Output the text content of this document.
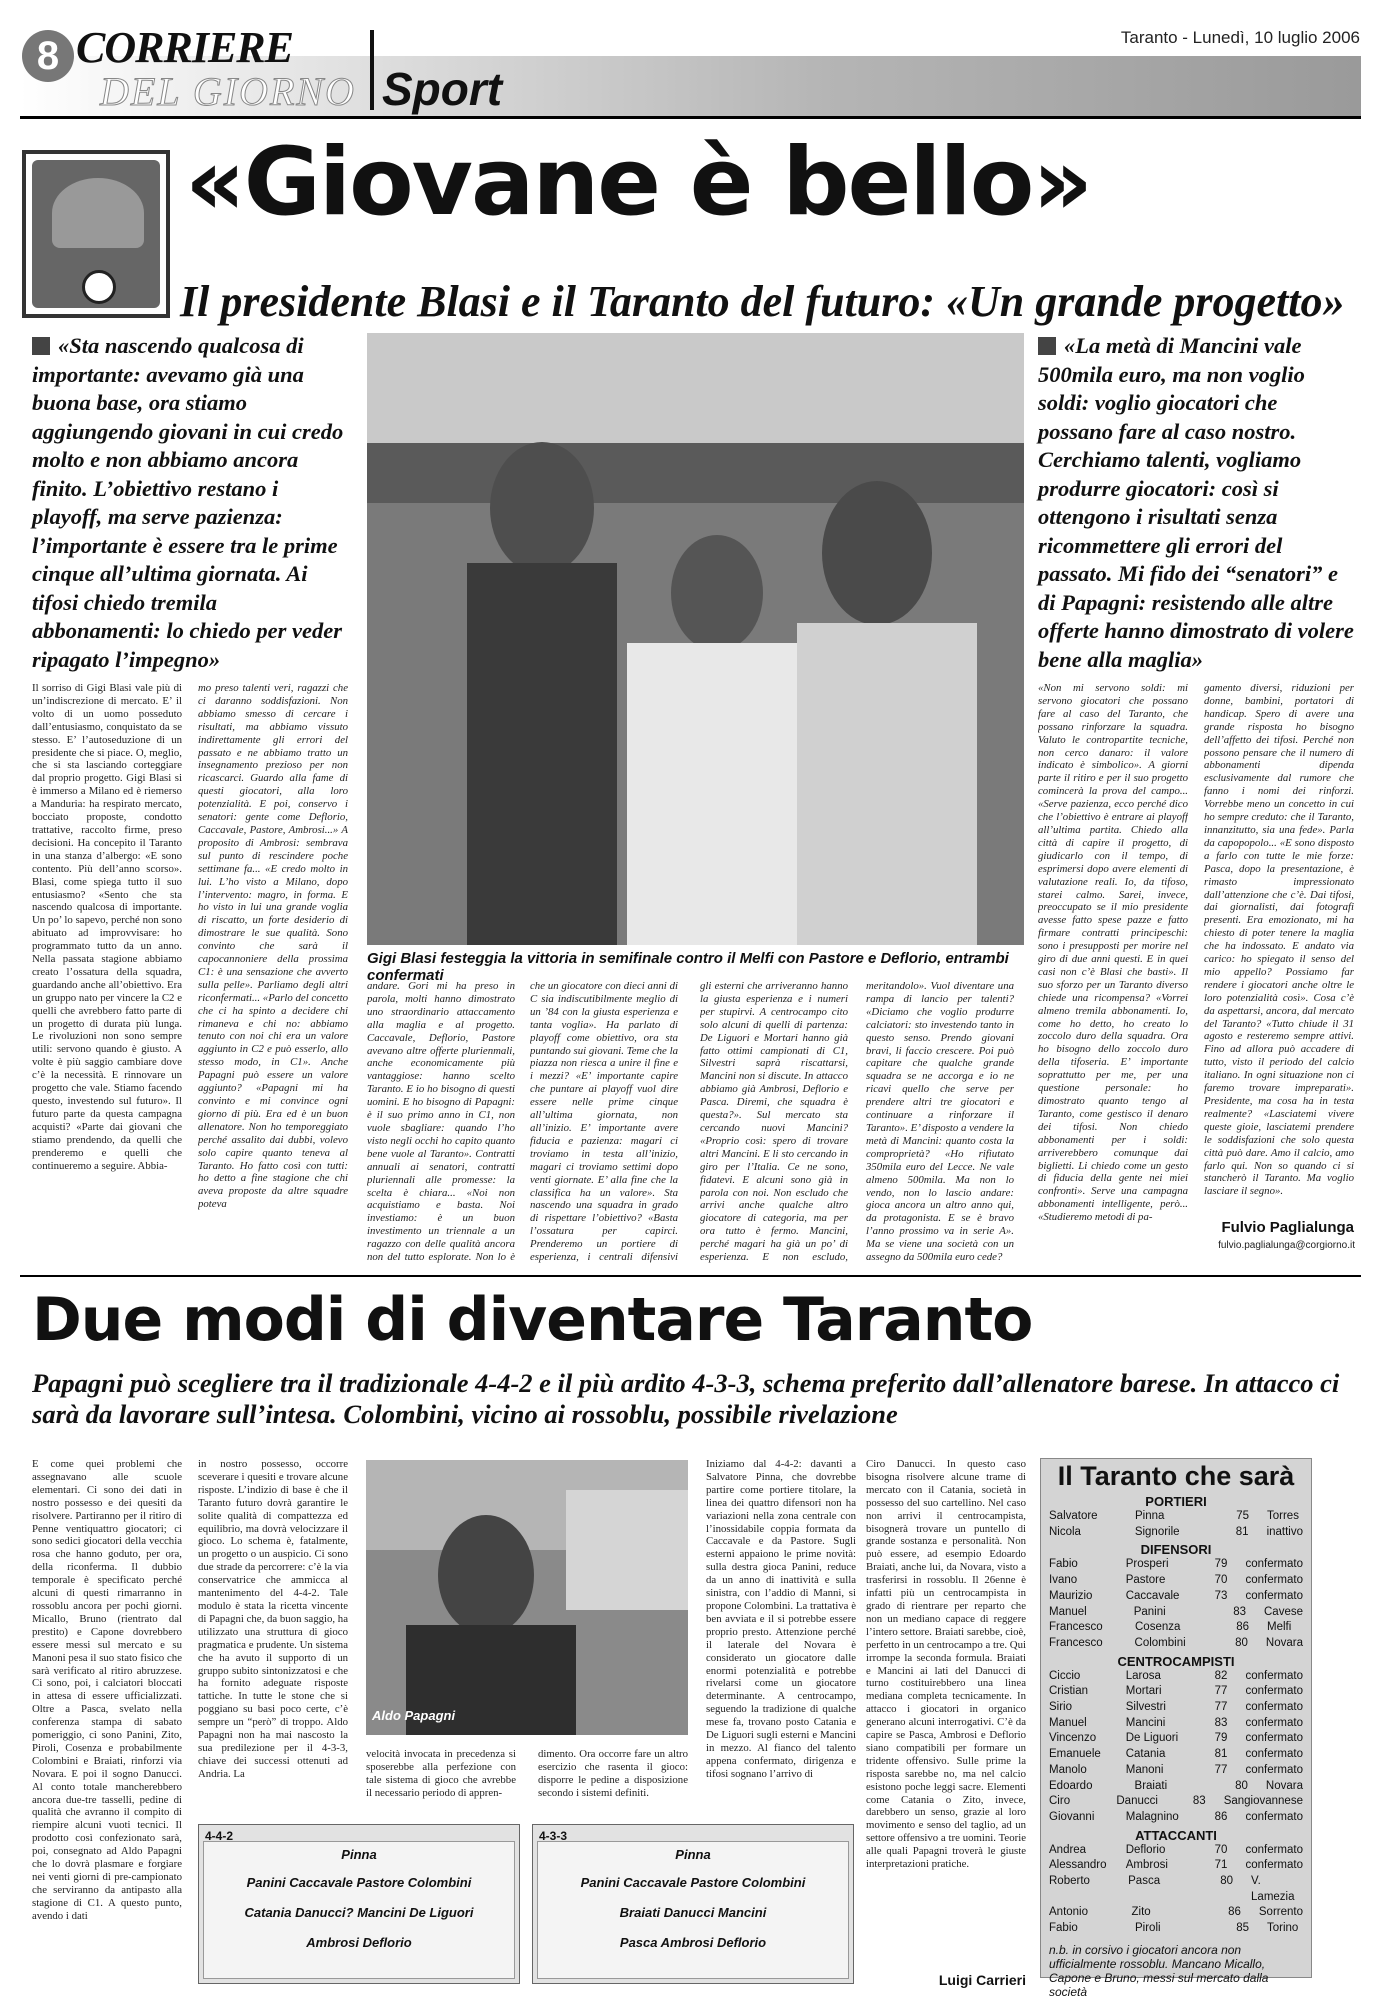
8 CORRIERE
DEL GIORNO Sport
Taranto - Lunedì, 10 luglio 2006
«Giovane è bello»
Il presidente Blasi e il Taranto del futuro: «Un grande progetto»
«Sta nascendo qualcosa di importante: avevamo già una buona base, ora stiamo aggiungendo giovani in cui credo molto e non abbiamo ancora finito. L’obiettivo restano i playoff, ma serve pazienza: l’importante è essere tra le prime cinque all’ultima giornata. Ai tifosi chiedo tremila abbonamenti: lo chiedo per veder ripagato l’impegno»
«La metà di Mancini vale 500mila euro, ma non voglio soldi: voglio giocatori che possano fare al caso nostro. Cerchiamo talenti, vogliamo produrre giocatori: così si ottengono i risultati senza ricommettere gli errori del passato. Mi fido dei “senatori” e di Papagni: resistendo alle altre offerte hanno dimostrato di volere bene alla maglia»
Gigi Blasi festeggia la vittoria in semifinale contro il Melfi con Pastore e Deflorio, entrambi confermati
Il sorriso di Gigi Blasi vale più di un’indiscrezione di mercato. E’ il volto di un uomo posseduto dall’entusiasmo, conquistato da se stesso. E’ l’autoseduzione di un presidente che si piace. O, meglio, che si sta lasciando corteggiare dal proprio progetto. Gigi Blasi si è immerso a Milano ed è riemerso a Manduria: ha respirato mercato, bocciato proposte, condotto trattative, raccolto firme, preso decisioni. Ha concepito il Taranto in una stanza d’albergo: «E sono contento. Più dell’anno scorso». Blasi, come spiega tutto il suo entusiasmo? «Sento che sta nascendo qualcosa di importante. Un po’ lo sapevo, perché non sono abituato ad improvvisare: ho programmato tutto da un anno. Nella passata stagione abbiamo creato l’ossatura della squadra, guardando anche all’obiettivo. Era un gruppo nato per vincere la C2 e quelli che avrebbero fatto parte di un progetto di durata più lunga. Le rivoluzioni non sono sempre utili: servono quando è giusto. A volte è più saggio cambiare dove c’è la necessità. E rinnovare un progetto che vale. Stiamo facendo questo, investendo sul futuro». Il futuro parte da questa campagna acquisti? «Parte dai giovani che stiamo prendendo, da quelli che prenderemo e quelli che continueremo a seguire. Abbia-
mo preso talenti veri, ragazzi che ci daranno soddisfazioni. Non abbiamo smesso di cercare i risultati, ma abbiamo vissuto indirettamente gli errori del passato e ne abbiamo tratto un insegnamento prezioso per non ricascarci. Guardo alla fame di questi giocatori, alla loro potenzialità. E poi, conservo i senatori: gente come Deflorio, Caccavale, Pastore, Ambrosi...» A proposito di Ambrosi: sembrava sul punto di rescindere poche settimane fa... «E credo molto in lui. L’ho visto a Milano, dopo l’intervento: magro, in forma. E ho visto in lui una grande voglia di riscatto, un forte desiderio di dimostrare le sue qualità. Sono convinto che sarà il capocannoniere della prossima C1: è una sensazione che avverto sulla pelle». Parliamo degli altri riconfermati... «Parlo del concetto che ci ha spinto a decidere chi rimaneva e chi no: abbiamo tenuto con noi chi era un valore aggiunto in C2 e può esserlo, allo stesso modo, in C1». Anche Papagni può essere un valore aggiunto? «Papagni mi ha convinto e mi convince ogni giorno di più. Era ed è un buon allenatore. Non ho temporeggiato perché assalito dai dubbi, volevo solo capire quanto teneva al Taranto. Ho fatto così con tutti: ho detto a fine stagione che chi aveva proposte da altre squadre poteva
andare. Gori mi ha preso in parola, molti hanno dimostrato uno straordinario attaccamento alla maglia e al progetto. Caccavale, Deflorio, Pastore avevano altre offerte plurienmali, anche economicamente più vantaggiose: hanno scelto Taranto. E io ho bisogno di questi uomini. E ho bisogno di Papagni: è il suo primo anno in C1, non vuole sbagliare: quando l’ho visto negli occhi ho capito quanto bene vuole al Taranto». Contratti annuali ai senatori, contratti pluriennali alle promesse: la scelta è chiara... «Noi non acquistiamo e basta. Noi investiamo: è un buon investimento un triennale a un ragazzo con delle qualità ancora non del tutto esplorate. Non lo è
che un giocatore con dieci anni di C sia indiscutibilmente meglio di un ’84 con la giusta esperienza e tanta voglia». Ha parlato di playoff come obiettivo, ora sta puntando sui giovani. Teme che la piazza non riesca a unire il fine e i mezzi? «E’ importante capire che puntare ai playoff vuol dire essere nelle prime cinque all’ultima giornata, non all’inizio. E’ importante avere fiducia e pazienza: magari ci troviamo in testa all’inizio, magari ci troviamo settimi dopo venti giornate. E’ alla fine che la classifica ha un valore». Sta nascendo una squadra in grado di rispettare l’obiettivo? «Basta l’ossatura per capirci. Prenderemo un portiere di esperienza, i centrali difensivi
gli esterni che arriveranno hanno la giusta esperienza e i numeri per stupirvi. A centrocampo cito solo alcuni di quelli di partenza: De Liguori e Mortari hanno già fatto ottimi campionati di C1, Silvestri saprà riscattarsi, Mancini non si discute. In attacco abbiamo già Ambrosi, Deflorio e Pasca. Diremi, che squadra è questa?». Sul mercato sta cercando nuovi Mancini? «Proprio così: spero di trovare altri Mancini. E li sto cercando in giro per l’Italia. Ce ne sono, fidatevi. E alcuni sono già in parola con noi. Non escludo che arrivi anche qualche altro giocatore di categoria, ma per ora tutto è fermo. Mancini, perché magari ha già un po’ di esperienza. E non escludo,
meritandolo». Vuol diventare una rampa di lancio per talenti? «Diciamo che voglio produrre calciatori: sto investendo tanto in questo senso. Prendo giovani bravi, li faccio crescere. Poi può capitare che qualche grande squadra se ne accorga e io ne ricavi quello che serve per prendere altri tre giocatori e continuare a rinforzare il Taranto». E’ disposto a vendere la metà di Mancini: quanto costa la comproprietà? «Ho rifiutato 350mila euro del Lecce. Ne vale almeno 500mila. Ma non lo vendo, non lo lascio andare: gioca ancora un altro anno qui, da protagonista. E se è bravo l’anno prossimo va in serie A». Ma se viene una società con un assegno da 500mila euro cede?
«Non mi servono soldi: mi servono giocatori che possano fare al caso del Taranto, che possano rinforzare la squadra. Valuto le contropartite tecniche, non cerco danaro: il valore indicato è simbolico». A giorni parte il ritiro e per il suo progetto comincerà la prova del campo... «Serve pazienza, ecco perché dico che l’obiettivo è entrare ai playoff all’ultima partita. Chiedo alla città di capire il progetto, di giudicarlo con il tempo, di esprimersi dopo avere elementi di valutazione reali. Io, da tifoso, starei calmo. Sarei, invece, preoccupato se il mio presidente avesse fatto spese pazze e fatto firmare contratti principeschi: sono i presupposti per morire nel giro di due anni questi. E in quei casi non c’è Blasi che basti». Il suo sforzo per un Taranto diverso chiede una ricompensa? «Vorrei almeno tremila abbonamenti. Io, come ho detto, ho creato lo zoccolo duro della squadra. Ora ho bisogno dello zoccolo duro della tifoseria. E’ importante soprattutto per me, per una questione personale: ho dimostrato quanto tengo al Taranto, come gestisco il denaro dei tifosi. Non chiedo abbonamenti per i soldi: arriverebbero comunque dai biglietti. Li chiedo come un gesto di fiducia della gente nei miei confronti». Serve una campagna abbonamenti intelligente, però... «Studieremo metodi di pa-
gamento diversi, riduzioni per donne, bambini, portatori di handicap. Spero di avere una grande risposta ho bisogno dell’affetto dei tifosi. Perché non possono pensare che il numero di abbonamenti dipenda esclusivamente dal rumore che fanno i nomi dei rinforzi. Vorrebbe meno un concetto in cui ho sempre creduto: che il Taranto, innanzitutto, sia una fede». Parla da capopopolo... «E sono disposto a farlo con tutte le mie forze: Pasca, dopo la presentazione, è rimasto impressionato dall’attenzione che c’è. Dai tifosi, dai giornalisti, dai fotografi presenti. Era emozionato, mi ha chiesto di poter tenere la maglia che ha indossato. E andato via carico: ho spiegato il senso del mio appello? Possiamo far rendere i giocatori anche oltre le loro potenzialità così». Cosa c’è da aspettarsi, ancora, dal mercato del Taranto? «Tutto chiude il 31 agosto e resteremo sempre attivi. Fino ad allora può accadere di tutto, visto il periodo del calcio italiano. In ogni situazione non ci faremo trovare impreparati». Presidente, ma cosa ha in testa realmente? «Lasciatemi vivere queste gioie, lasciatemi prendere le soddisfazioni che solo questa città può dare. Amo il calcio, amo farlo qui. Non so quando ci si stancherò il Taranto. Ma voglio lasciare il segno».
Fulvio Paglialunga
fulvio.paglialunga@corgiorno.it
Due modi di diventare Taranto
Papagni può scegliere tra il tradizionale 4-4-2 e il più ardito 4-3-3, schema preferito dall’allenatore barese. In attacco ci sarà da lavorare sull’intesa. Colombini, vicino ai rossoblu, possibile rivelazione
E come quei problemi che assegnavano alle scuole elementari. Ci sono dei dati in nostro possesso e dei quesiti da risolvere. Partiranno per il ritiro di Penne ventiquattro giocatori; ci sono sedici giocatori della vecchia rosa che hanno goduto, per ora, della riconferma. Il dubbio temporale è specificato perché alcuni di questi rimarranno in rossoblu ancora per pochi giorni. Micallo, Bruno (rientrato dal prestito) e Capone dovrebbero essere messi sul mercato e su Manoni pesa il suo stato fisico che sarà verificato al ritiro abruzzese. Ci sono, poi, i calciatori bloccati in attesa di essere ufficializzati. Oltre a Pasca, svelato nella conferenza stampa di sabato pomeriggio, ci sono Panini, Zito, Piroli, Cosenza e probabilmente Colombini e Braiati, rinforzi via Novara. E poi il sogno Danucci. Al conto totale mancherebbero ancora due-tre tasselli, pedine di qualità che avranno il compito di riempire alcuni vuoti tecnici. Il prodotto così confezionato sarà, poi, consegnato ad Aldo Papagni che lo dovrà plasmare e forgiare nei venti giorni di pre-campionato che serviranno da antipasto alla stagione di C1. A questo punto, avendo i dati
in nostro possesso, occorre sceverare i quesiti e trovare alcune risposte. L’indizio di base è che il Taranto futuro dovrà garantire le solite qualità di compattezza ed equilibrio, ma dovrà velocizzare il gioco. Lo schema è, fatalmente, un progetto o un auspicio. Ci sono due strade da percorrere: c’è la via conservatrice che ammicca al mantenimento del 4-4-2. Tale modulo è stata la ricetta vincente di Papagni che, da buon saggio, ha utilizzato una struttura di gioco pragmatica e prudente. Un sistema che ha avuto il supporto di un gruppo subito sintonizzatosi e che ha fornito adeguate risposte tattiche. In tutte le stone che si poggiano su basi poco certe, c’è sempre un “però” di troppo. Aldo Papagni non ha mai nascosto la sua predilezione per il 4-3-3, chiave dei successi ottenuti ad Andria. La
Aldo Papagni
velocità invocata in precedenza si sposerebbe alla perfezione con tale sistema di gioco che avrebbe il necessario periodo di appren-
dimento. Ora occorre fare un altro esercizio che rasenta il gioco: disporre le pedine a disposizione secondo i sistemi definiti.
Iniziamo dal 4-4-2: davanti a Salvatore Pinna, che dovrebbe partire come portiere titolare, la linea dei quattro difensori non ha variazioni nella zona centrale con l’inossidabile coppia formata da Caccavale e da Pastore. Sugli esterni appaiono le prime novità: sulla destra gioca Panini, reduce da un anno di inattività e sulla sinistra, con l’addio di Manni, si propone Colombini. La trattativa è ben avviata e il si potrebbe essere proprio presto. Attenzione perché il laterale del Novara è considerato un giocatore dalle enormi potenzialità e potrebbe rivelarsi come un giocatore determinante. A centrocampo, seguendo la tradizione di qualche mese fa, trovano posto Catania e De Liguori sugli esterni e Mancini in mezzo. Al fianco del talento appena confermato, dirigenza e tifosi sognano l’arrivo di
Ciro Danucci. In questo caso bisogna risolvere alcune trame di mercato con il Catania, società in possesso del suo cartellino. Nel caso non arrivi il centrocampista, bisognerà trovare un puntello di grande sostanza e personalità. Non può essere, ad esempio Edoardo Braiati, anche lui, da Novara, visto a trasferirsi in rossoblu. Il 26enne è infatti più un centrocampista in grado di rientrare per reparto che non un mediano capace di reggere l’intero settore. Braiati sarebbe, cioè, perfetto in un centrocampo a tre. Qui irrompe la seconda formula. Braiati e Mancini ai lati del Danucci di turno costituirebbero una linea mediana completa tecnicamente. In attacco i giocatori in organico generano alcuni interrogativi. C’è da capire se Pasca, Ambrosi e Deflorio siano compatibili per formare un tridente offensivo. Sulle prime la risposta sarebbe no, ma nel calcio esistono poche leggi sacre. Elementi come Catania o Zito, invece, darebbero un senso, grazie al loro movimento e senso del taglio, ad un settore offensivo a tre uomini. Teorie alle quali Papagni troverà le giuste interpretazioni pratiche.
4-4-2
Pinna
Panini Caccavale Pastore Colombini
Catania Danucci? Mancini De Liguori
Ambrosi Deflorio
4-3-3
Pinna
Panini Caccavale Pastore Colombini
Braiati Danucci Mancini
Pasca Ambrosi Deflorio
Luigi Carrieri
Il Taranto che sarà
PORTIERI
Salvatore	Pinna	75	Torres
Nicola	Signorile	81	inattivo
DIFENSORI
Fabio	Prosperi	79	confermato
Ivano	Pastore	70	confermato
Maurizio	Caccavale	73	confermato
Manuel	Panini	83	Cavese
Francesco	Cosenza	86	Melfi
Francesco	Colombini	80	Novara
CENTROCAMPISTI
Ciccio	Larosa	82	confermato
Cristian	Mortari	77	confermato
Sirio	Silvestri	77	confermato
Manuel	Mancini	83	confermato
Vincenzo	De Liguori	79	confermato
Emanuele	Catania	81	confermato
Manolo	Manoni	77	confermato
Edoardo	Braiati	80	Novara
Ciro	Danucci	83	Sangiovannese
Giovanni	Malagnino	86	confermato
ATTACCANTI
Andrea	Deflorio	70	confermato
Alessandro	Ambrosi	71	confermato
Roberto	Pasca	80	V. Lamezia
Antonio	Zito	86	Sorrento
Fabio	Piroli	85	Torino
n.b. in corsivo i giocatori ancora non ufficialmente rossoblu. Mancano Micallo, Capone e Bruno, messi sul mercato dalla società
